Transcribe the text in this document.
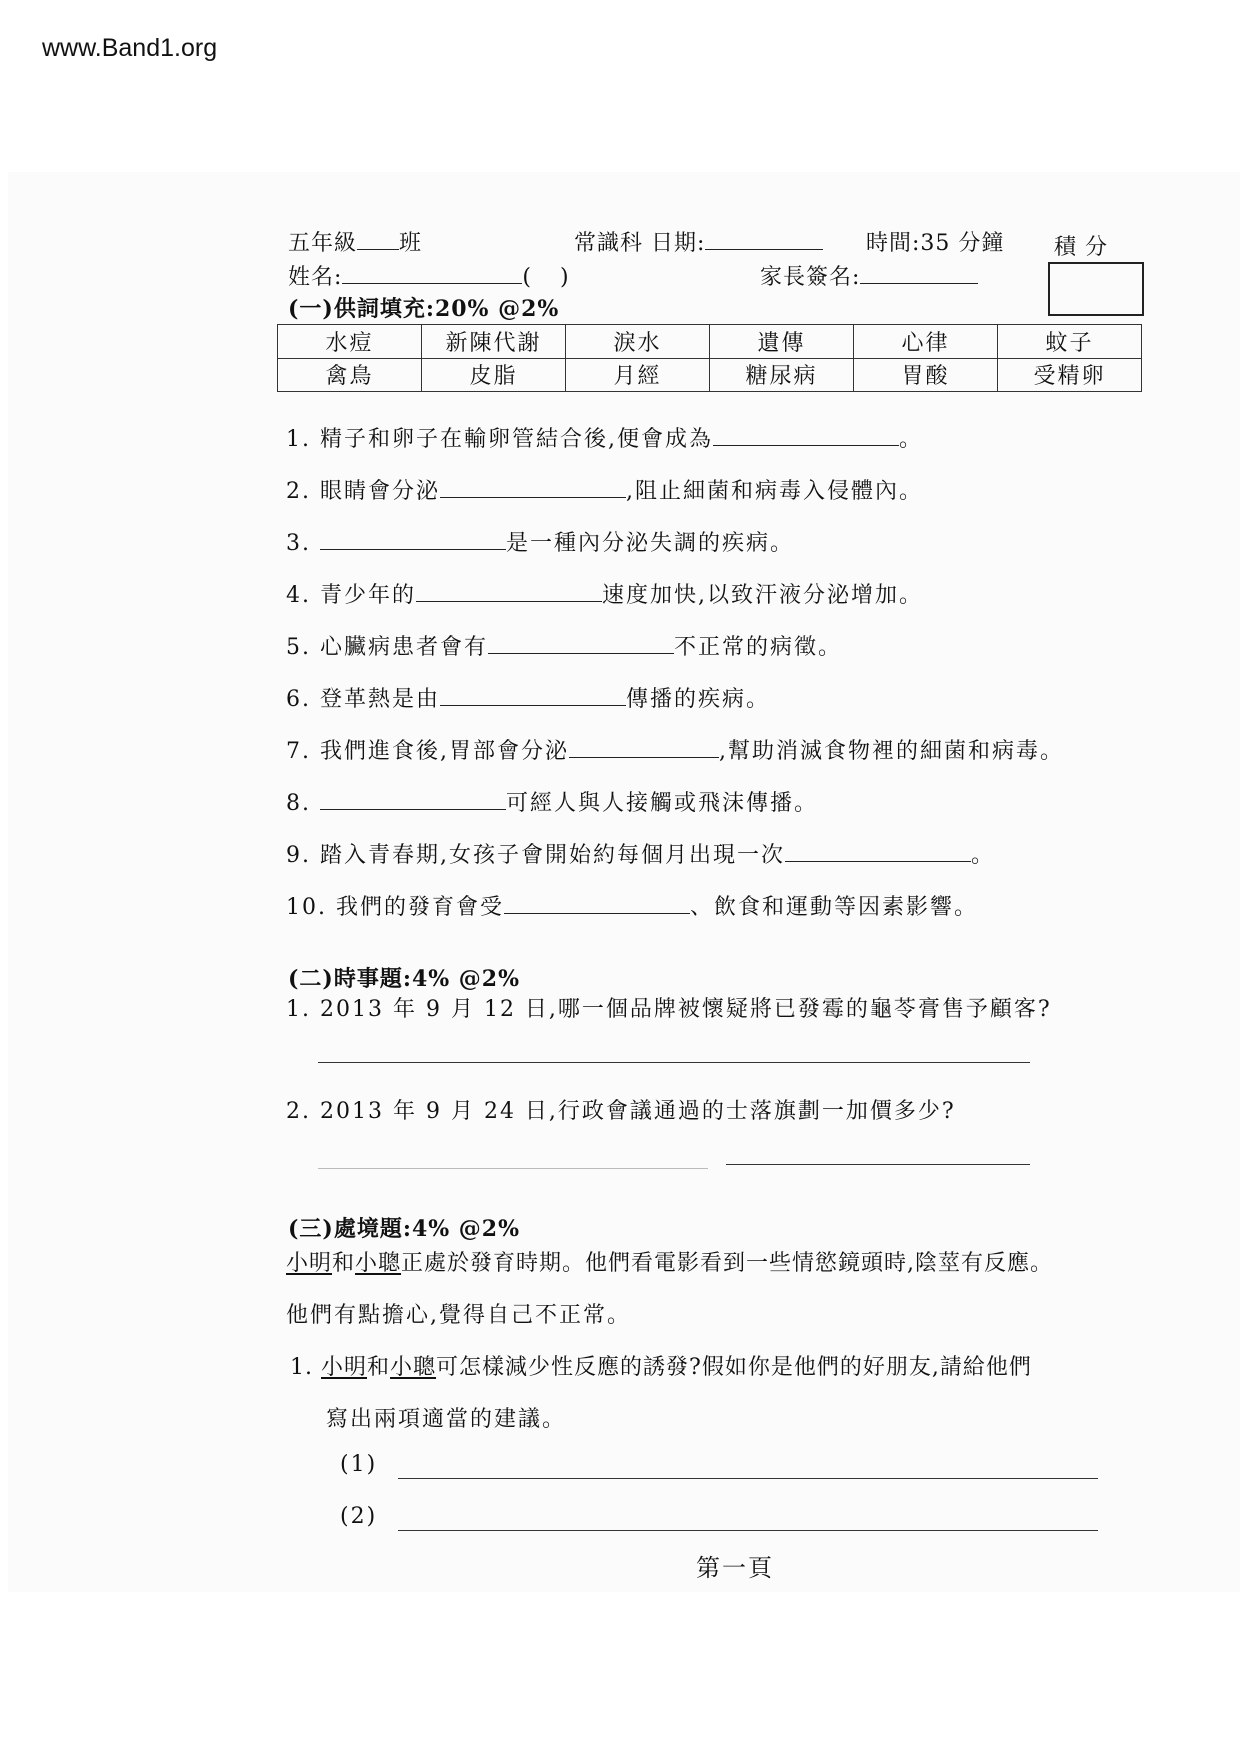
www.Band1.org
五年級 班	常識科 日期:	時間:35 分鐘 積 分
姓名:	( )	家長簽名:
(一)供詞填充:20% @2%
水痘	新陳代謝	淚水	遺傳	心律	蚊子
禽鳥	皮脂	月經	糖尿病	胃酸	受精卵
1. 精子和卵子在輸卵管結合後,便會成為	。
2. 眼睛會分泌	,阻止細菌和病毒入侵體內。
3.	是一種內分泌失調的疾病。
4. 青少年的	速度加快,以致汗液分泌增加。
5. 心臟病患者會有	不正常的病徵。
6. 登革熱是由	傳播的疾病。
7. 我們進食後,胃部會分泌	,幫助消滅食物裡的細菌和病毒。
8.	可經人與人接觸或飛沫傳播。
9. 踏入青春期,女孩子會開始約每個月出現一次	。
10. 我們的發育會受	、飲食和運動等因素影響。
(二)時事題:4% @2%
1. 2013 年 9 月 12 日,哪一個品牌被懷疑將已發霉的龜苓膏售予顧客?
2. 2013 年 9 月 24 日,行政會議通過的士落旗劃一加價多少?
(三)處境題:4% @2%
小明和小聰正處於發育時期。他們看電影看到一些情慾鏡頭時,陰莖有反應。
他們有點擔心,覺得自己不正常。
1. 小明和小聰可怎樣減少性反應的誘發?假如你是他們的好朋友,請給他們
寫出兩項適當的建議。
(1)
(2)
第一頁
